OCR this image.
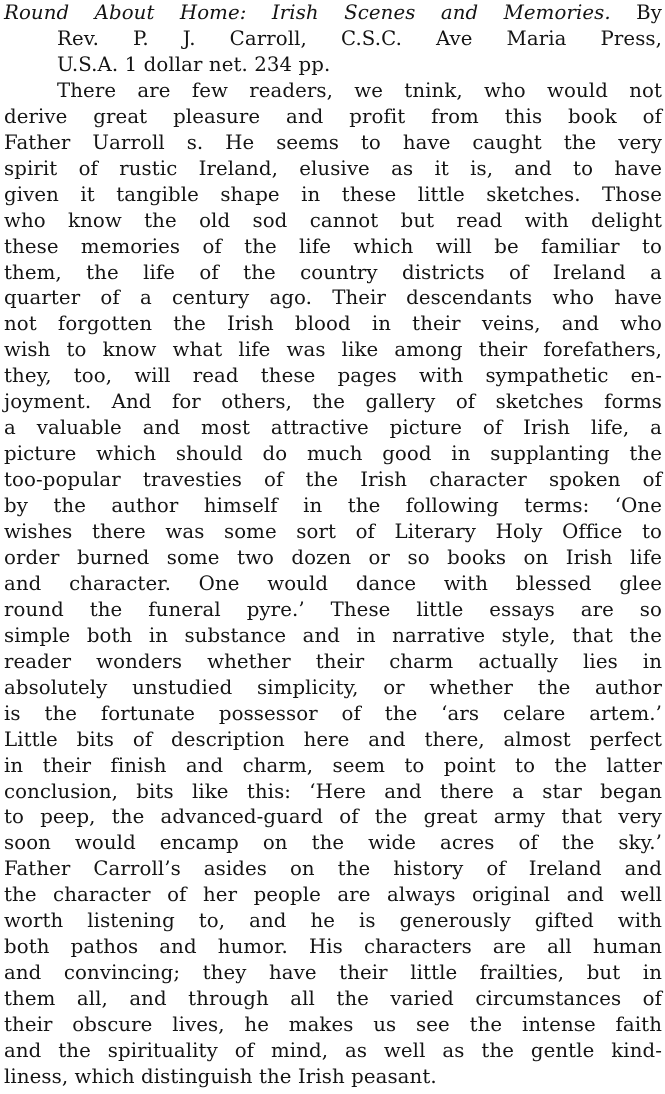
Round About Home: Irish Scenes and Memories. By
Rev. P. J. Carroll, C.S.C. Ave Maria Press,
U.S.A. 1 dollar net. 234 pp.
There are few readers, we tnink, who would not
derive great pleasure and profit from this book of
Father Uarroll s. He seems to have caught the very
spirit of rustic Ireland, elusive as it is, and to have
given it tangible shape in these little sketches. Those
who know the old sod cannot but read with delight
these memories of the life which will be familiar to
them, the life of the country districts of Ireland a
quarter of a century ago. Their descendants who have
not forgotten the Irish blood in their veins, and who
wish to know what life was like among their forefathers,
they, too, will read these pages with sympathetic en-
joyment. And for others, the gallery of sketches forms
a valuable and most attractive picture of Irish life, a
picture which should do much good in supplanting the
too-popular travesties of the Irish character spoken of
by the author himself in the following terms: ‘One
wishes there was some sort of Literary Holy Office to
order burned some two dozen or so books on Irish life
and character. One would dance with blessed glee
round the funeral pyre.’ These little essays are so
simple both in substance and in narrative style, that the
reader wonders whether their charm actually lies in
absolutely unstudied simplicity, or whether the author
is the fortunate possessor of the ‘ars celare artem.’
Little bits of description here and there, almost perfect
in their finish and charm, seem to point to the latter
conclusion, bits like this: ‘Here and there a star began
to peep, the advanced-guard of the great army that very
soon would encamp on the wide acres of the sky.’
Father Carroll’s asides on the history of Ireland and
the character of her people are always original and well
worth listening to, and he is generously gifted with
both pathos and humor. His characters are all human
and convincing; they have their little frailties, but in
them all, and through all the varied circumstances of
their obscure lives, he makes us see the intense faith
and the spirituality of mind, as well as the gentle kind-
liness, which distinguish the Irish peasant.
